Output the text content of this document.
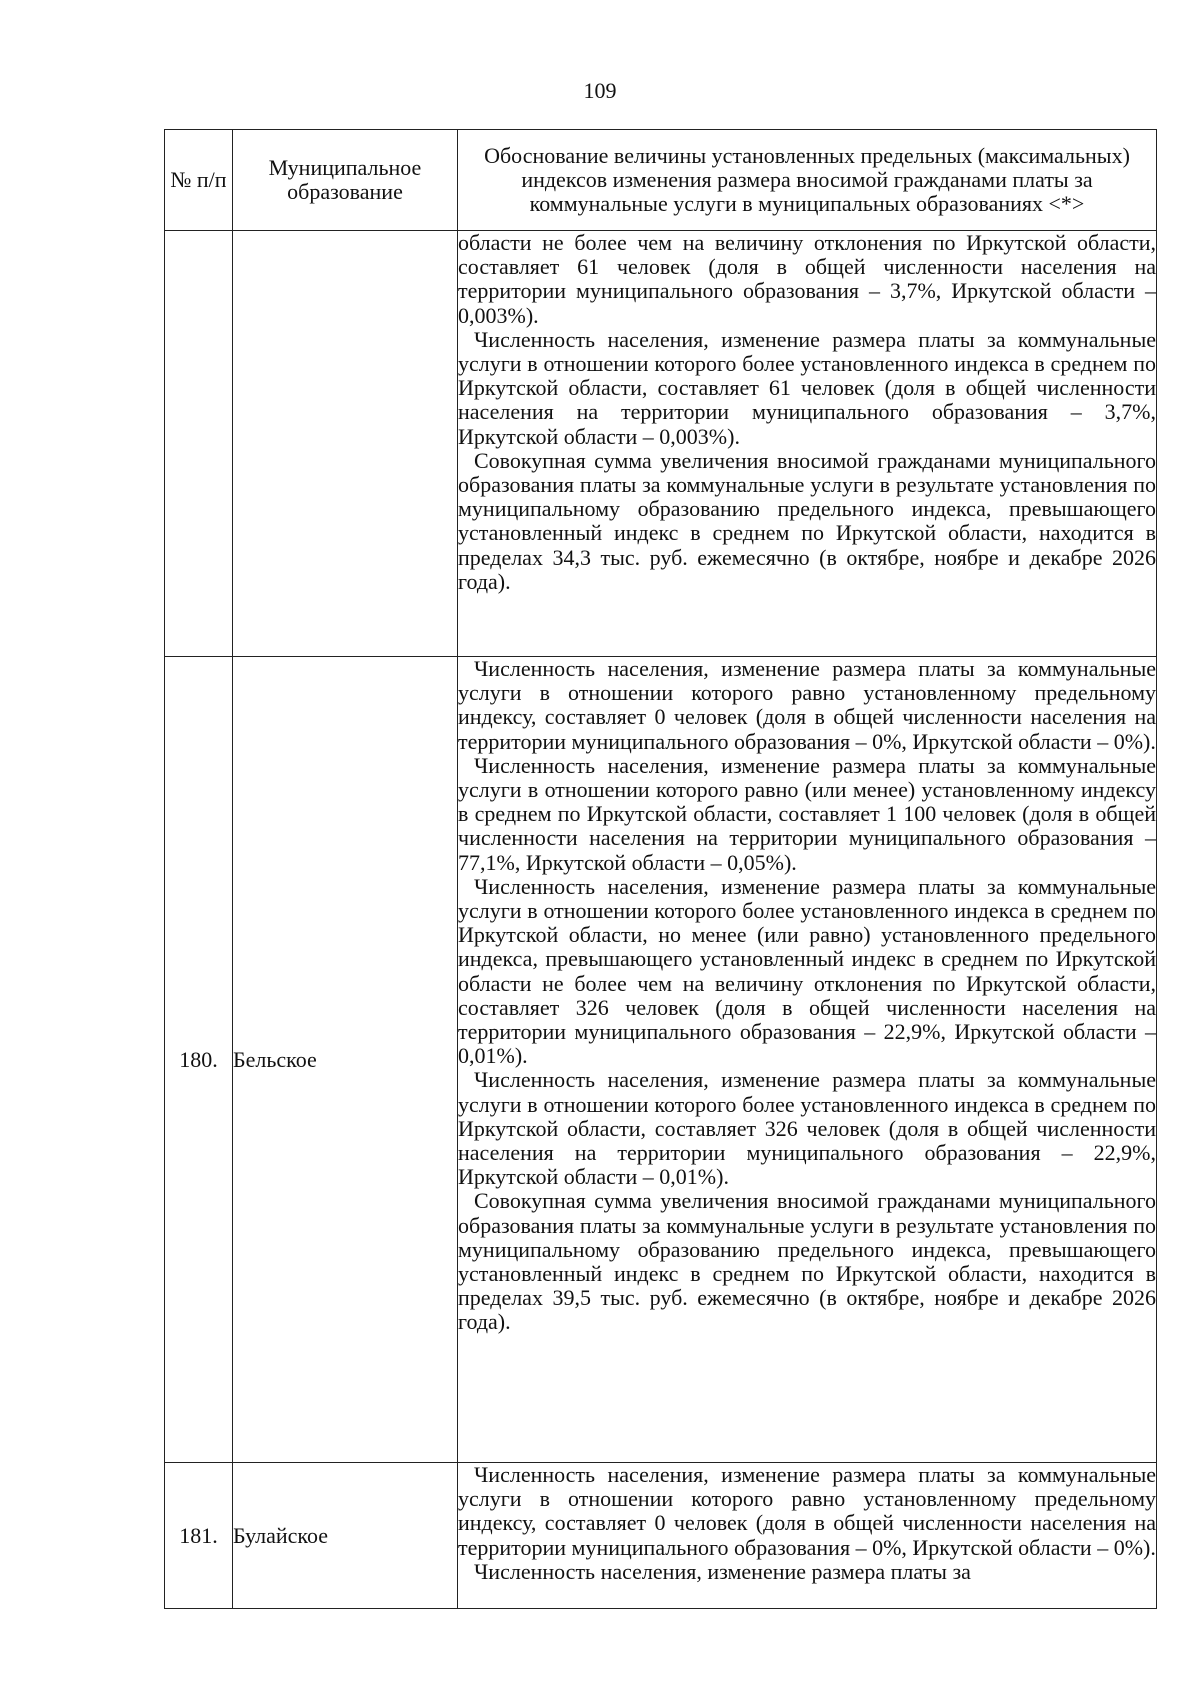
109
№ п/п	Муниципальное образование	Обоснование величины установленных предельных (максимальных) индексов изменения размера вносимой гражданами платы за коммунальные услуги в муниципальных образованиях <*>

		области не более чем на величину отклонения по Иркутской области, составляет 61 человек (доля в общей численности населения на территории муниципального образования – 3,7%, Иркутской области – 0,003%).

Численность населения, изменение размера платы за коммунальные услуги в отношении которого более установленного индекса в среднем по Иркутской области, составляет 61 человек (доля в общей численности населения на территории муниципального образования – 3,7%, Иркутской области – 0,003%).

Совокупная сумма увеличения вносимой гражданами муниципального образования платы за коммунальные услуги в результате установления по муниципальному образованию предельного индекса, превышающего установленный индекс в среднем по Иркутской области, находится в пределах 34,3 тыс. руб. ежемесячно (в октябре, ноябре и декабре 2026 года).

180.	Бельское	Численность населения, изменение размера платы за коммунальные услуги в отношении которого равно установленному предельному индексу, составляет 0 человек (доля в общей численности населения на территории муниципального образования – 0%, Иркутской области – 0%).

Численность населения, изменение размера платы за коммунальные услуги в отношении которого равно (или менее) установленному индексу в среднем по Иркутской области, составляет 1 100 человек (доля в общей численности населения на территории муниципального образования – 77,1%, Иркутской области – 0,05%).

Численность населения, изменение размера платы за коммунальные услуги в отношении которого более установленного индекса в среднем по Иркутской области, но менее (или равно) установленного предельного индекса, превышающего установленный индекс в среднем по Иркутской области не более чем на величину отклонения по Иркутской области, составляет 326 человек (доля в общей численности населения на территории муниципального образования – 22,9%, Иркутской области – 0,01%).

Численность населения, изменение размера платы за коммунальные услуги в отношении которого более установленного индекса в среднем по Иркутской области, составляет 326 человек (доля в общей численности населения на территории муниципального образования – 22,9%, Иркутской области – 0,01%).

Совокупная сумма увеличения вносимой гражданами муниципального образования платы за коммунальные услуги в результате установления по муниципальному образованию предельного индекса, превышающего установленный индекс в среднем по Иркутской области, находится в пределах 39,5 тыс. руб. ежемесячно (в октябре, ноябре и декабре 2026 года).

181.	Булайское	Численность населения, изменение размера платы за коммунальные услуги в отношении которого равно установленному предельному индексу, составляет 0 человек (доля в общей численности населения на территории муниципального образования – 0%, Иркутской области – 0%).

Численность населения, изменение размера платы за
